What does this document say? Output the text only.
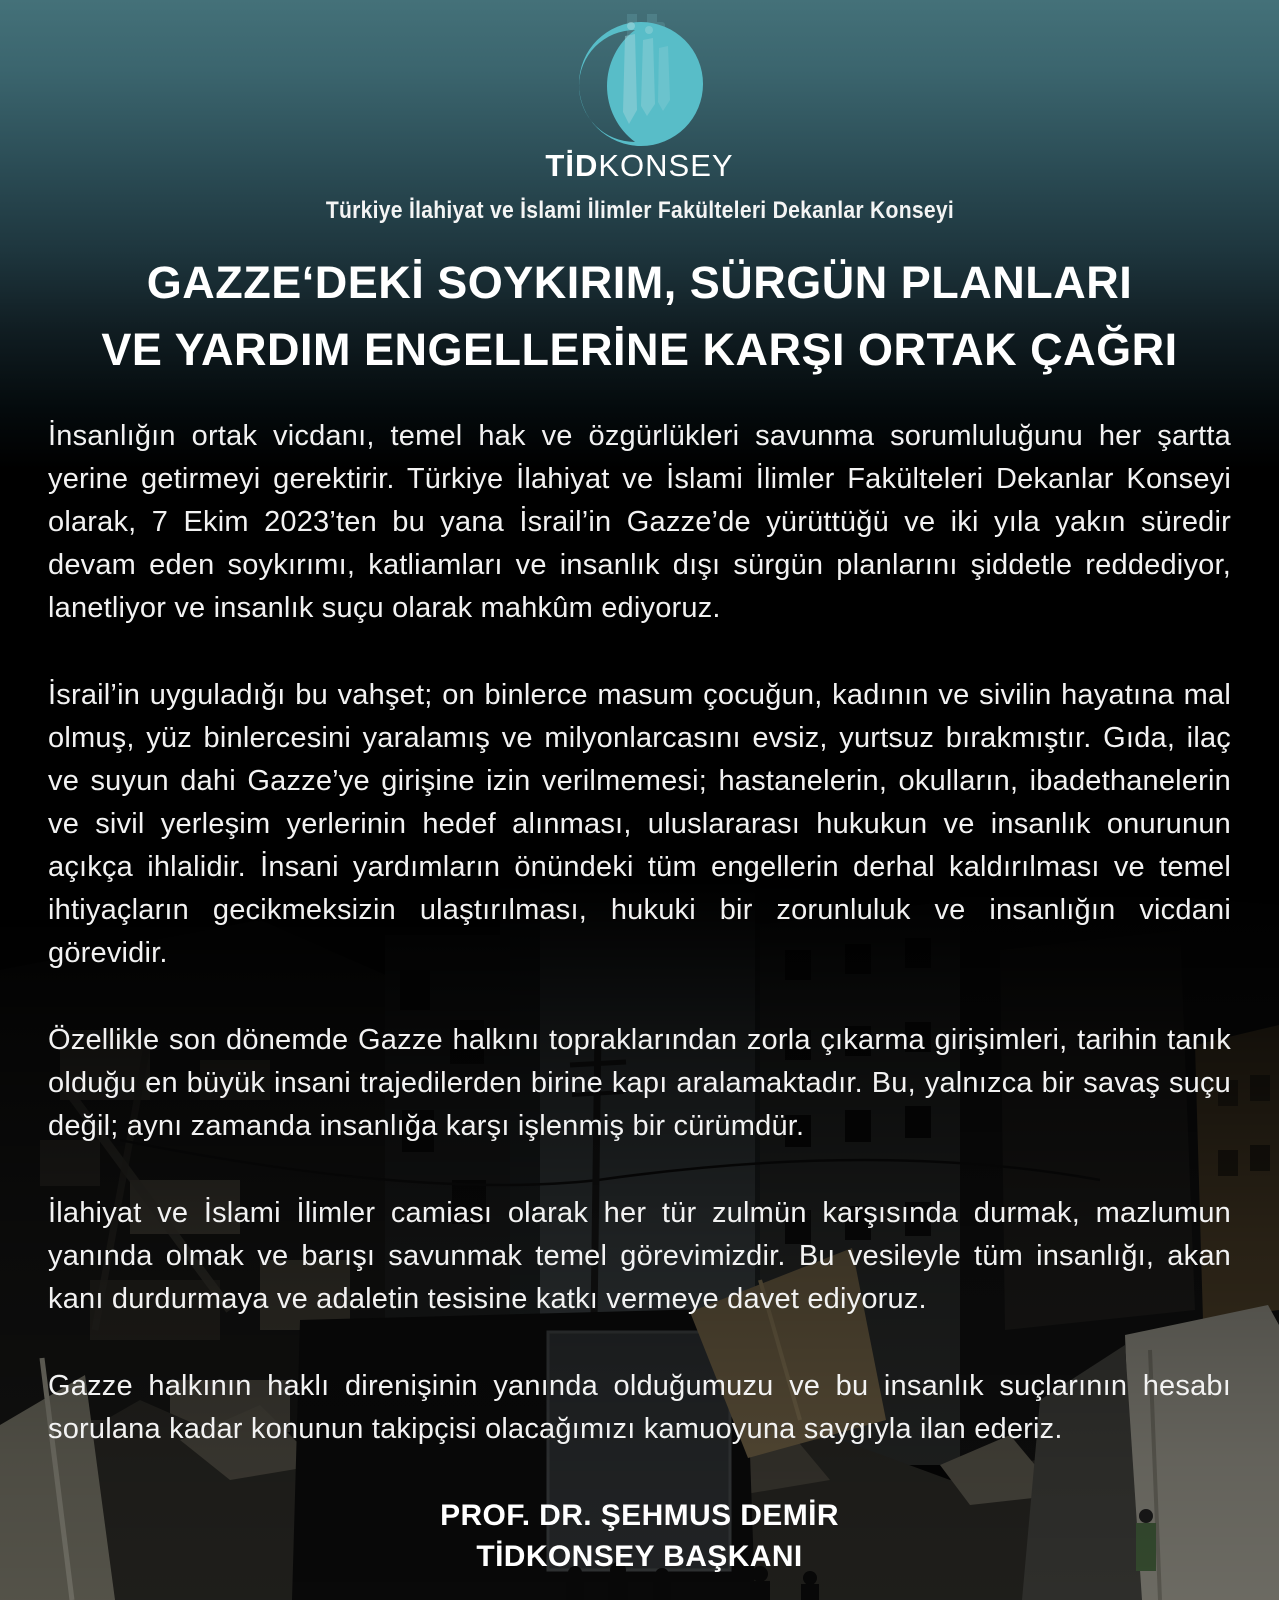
TİDKONSEY
Türkiye İlahiyat ve İslami İlimler Fakülteleri Dekanlar Konseyi
GAZZE‘DEKİ SOYKIRIM, SÜRGÜN PLANLARI
VE YARDIM ENGELLERİNE KARŞI ORTAK ÇAĞRI

İnsanlığın ortak vicdanı, temel hak ve özgürlükleri savunma sorumluluğunu her şartta yerine getirmeyi gerektirir. Türkiye İlahiyat ve İslami İlimler Fakülteleri Dekanlar Konseyi olarak, 7 Ekim 2023’ten bu yana İsrail’in Gazze’de yürüttüğü ve iki yıla yakın süredir devam eden soykırımı, katliamları ve insanlık dışı sürgün planlarını şiddetle reddediyor, lanetliyor ve insanlık suçu olarak mahkûm ediyoruz.

İsrail’in uyguladığı bu vahşet; on binlerce masum çocuğun, kadının ve sivilin hayatına mal olmuş, yüz binlercesini yaralamış ve milyonlarcasını evsiz, yurtsuz bırakmıştır. Gıda, ilaç ve suyun dahi Gazze’ye girişine izin verilmemesi; hastanelerin, okulların, ibadethanelerin ve sivil yerleşim yerlerinin hedef alınması, uluslararası hukukun ve insanlık onurunun açıkça ihlalidir. İnsani yardımların önündeki tüm engellerin derhal kaldırılması ve temel ihtiyaçların gecikmeksizin ulaştırılması, hukuki bir zorunluluk ve insanlığın vicdani görevidir.

Özellikle son dönemde Gazze halkını topraklarından zorla çıkarma girişimleri, tarihin tanık olduğu en büyük insani trajedilerden birine kapı aralamaktadır. Bu, yalnızca bir savaş suçu değil; aynı zamanda insanlığa karşı işlenmiş bir cürümdür.

İlahiyat ve İslami İlimler camiası olarak her tür zulmün karşısında durmak, mazlumun yanında olmak ve barışı savunmak temel görevimizdir. Bu vesileyle tüm insanlığı, akan kanı durdurmaya ve adaletin tesisine katkı vermeye davet ediyoruz.

Gazze halkının haklı direnişinin yanında olduğumuzu ve bu insanlık suçlarının hesabı sorulana kadar konunun takipçisi olacağımızı kamuoyuna saygıyla ilan ederiz.

PROF. DR. ŞEHMUS DEMİR
TİDKONSEY BAŞKANI
